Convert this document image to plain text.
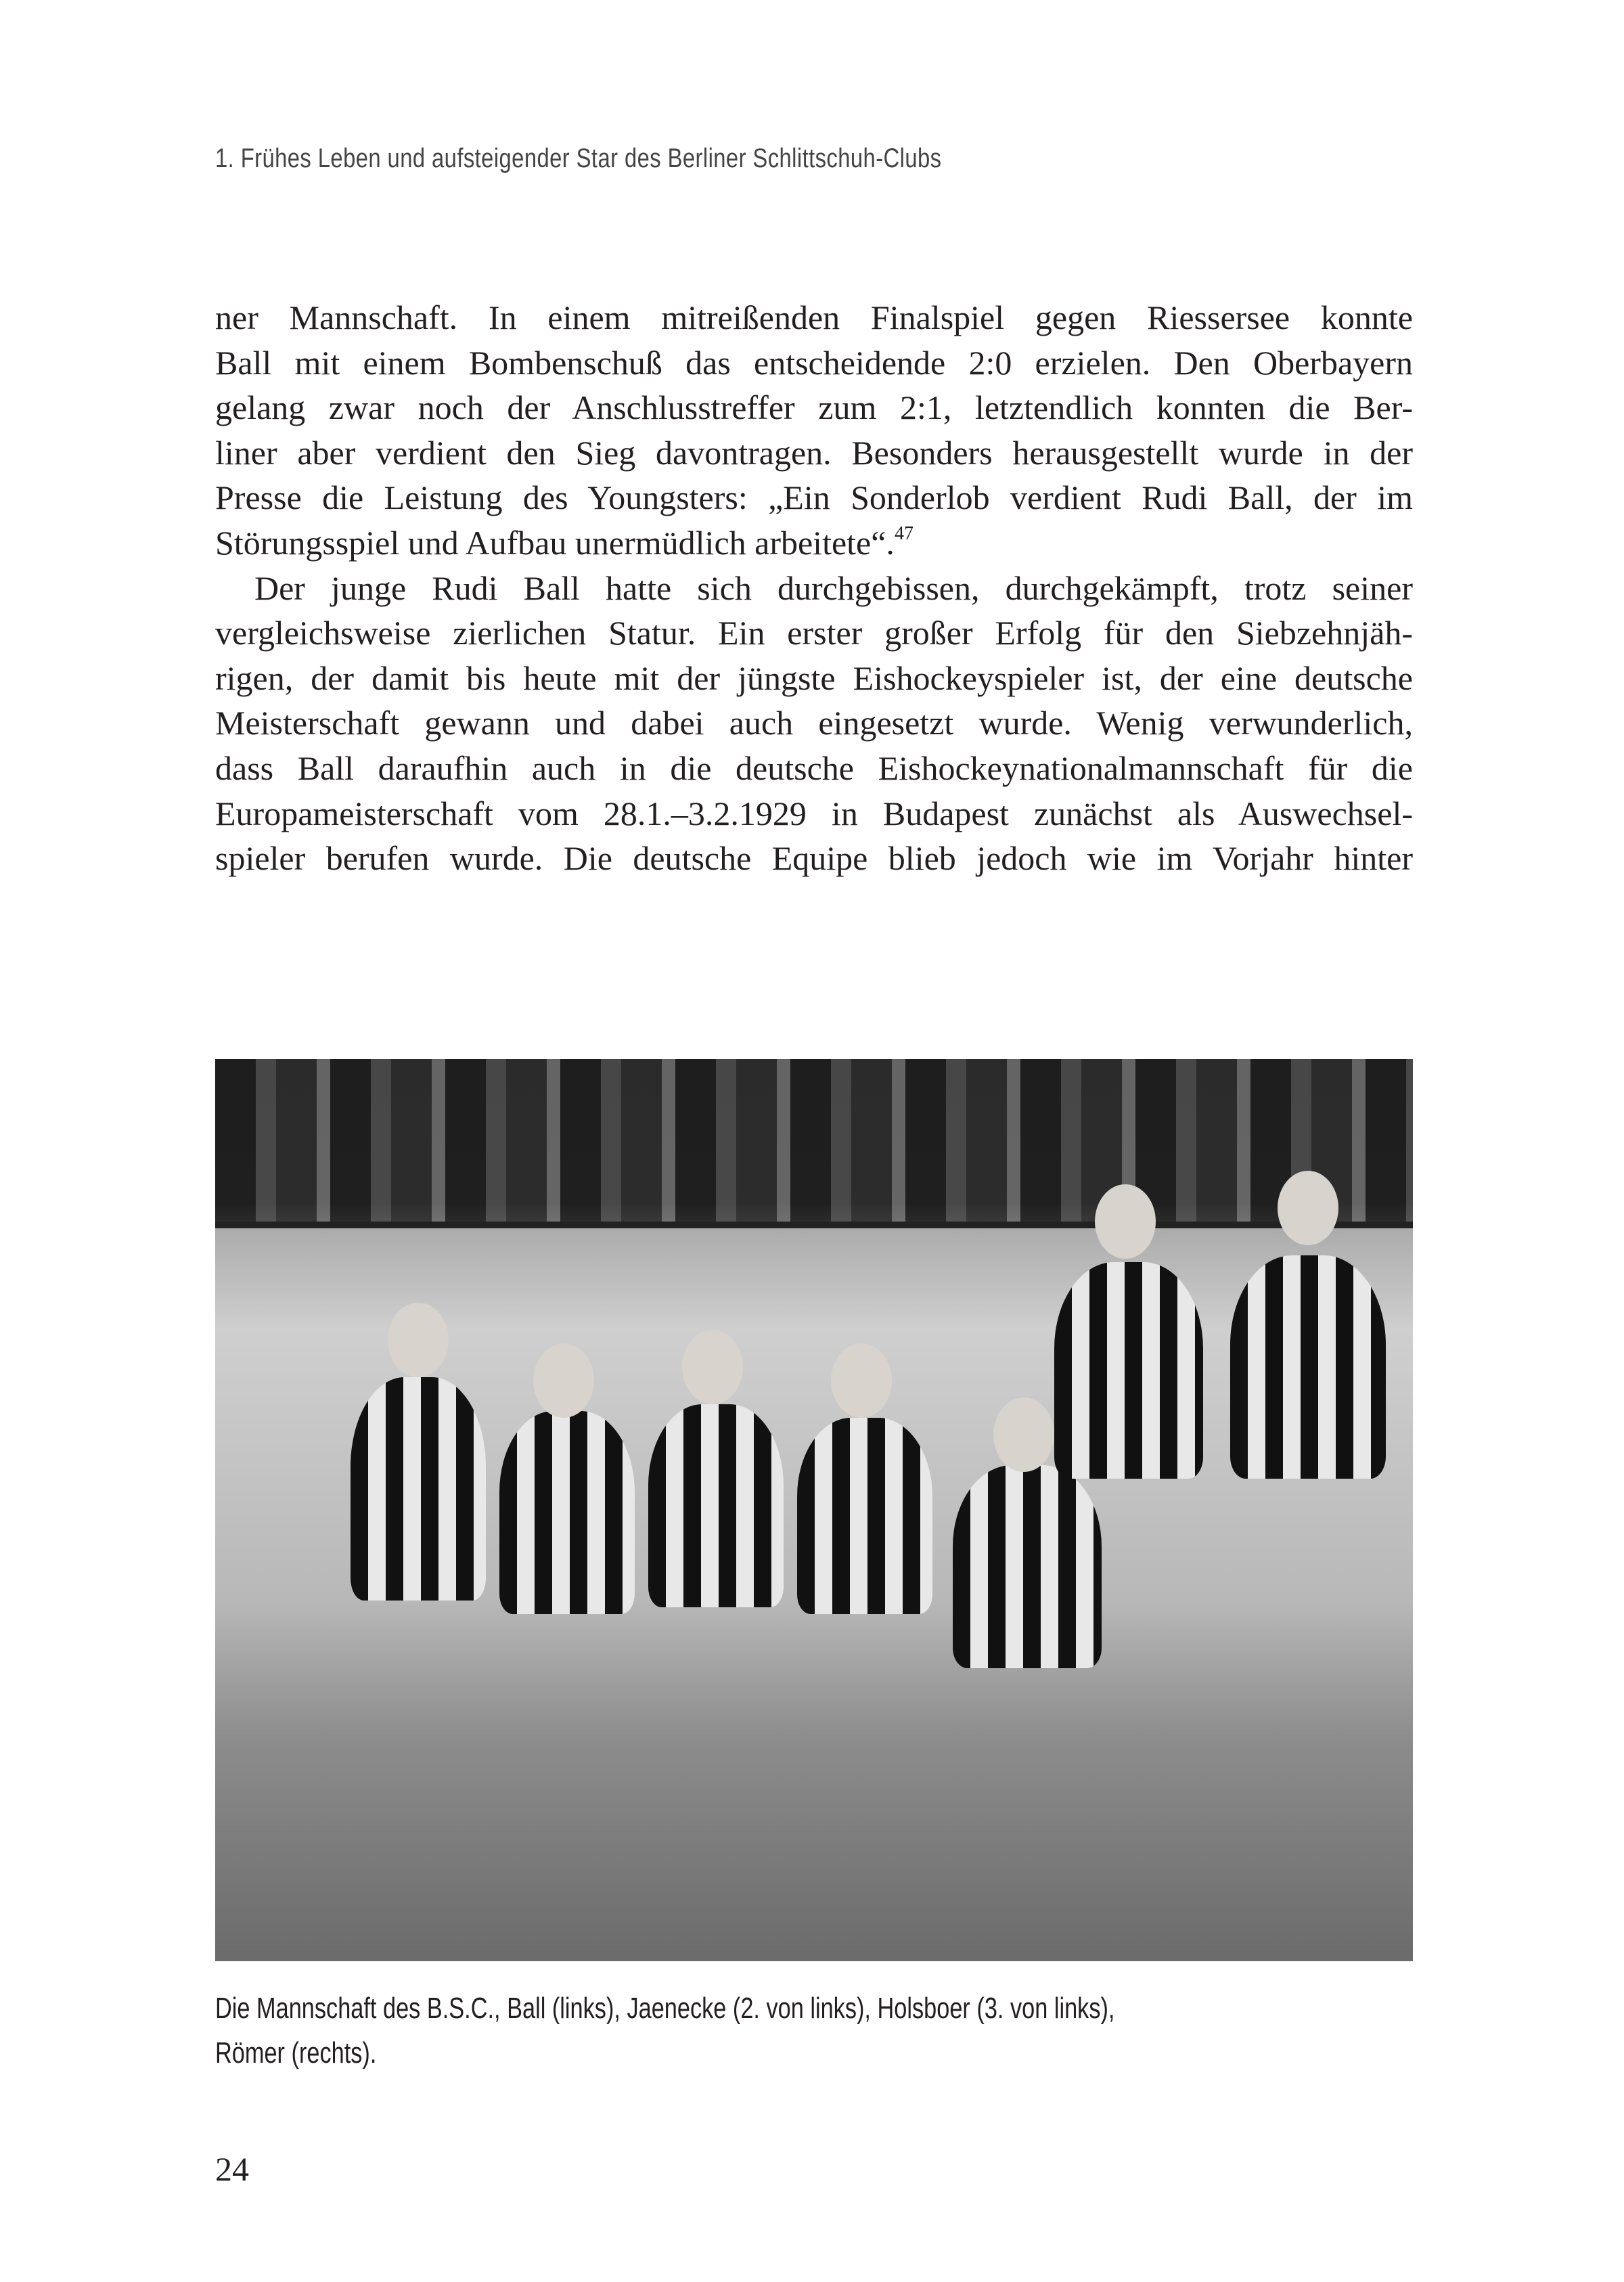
1. Frühes Leben und aufsteigender Star des Berliner Schlittschuh-Clubs
ner Mannschaft. In einem mitreißenden Finalspiel gegen Riessersee konnte
Ball mit einem Bombenschuß das entscheidende 2:0 erzielen. Den Oberbayern
gelang zwar noch der Anschlusstreffer zum 2:1, letztendlich konnten die Ber-
liner aber verdient den Sieg davontragen. Besonders herausgestellt wurde in der
Presse die Leistung des Youngsters: „Ein Sonderlob verdient Rudi Ball, der im
Störungsspiel und Aufbau unermüdlich arbeitete“.$^{47}$
Der junge Rudi Ball hatte sich durchgebissen, durchgekämpft, trotz seiner
vergleichsweise zierlichen Statur. Ein erster großer Erfolg für den Siebzehnjäh-
rigen, der damit bis heute mit der jüngste Eishockeyspieler ist, der eine deutsche
Meisterschaft gewann und dabei auch eingesetzt wurde. Wenig verwunderlich,
dass Ball daraufhin auch in die deutsche Eishockeynationalmannschaft für die
Europameisterschaft vom 28.1.–3.2.1929 in Budapest zunächst als Auswechsel-
spieler berufen wurde. Die deutsche Equipe blieb jedoch wie im Vorjahr hinter
Die Mannschaft des B.S.C., Ball (links), Jaenecke (2. von links), Holsboer (3. von links),
Römer (rechts).
24
